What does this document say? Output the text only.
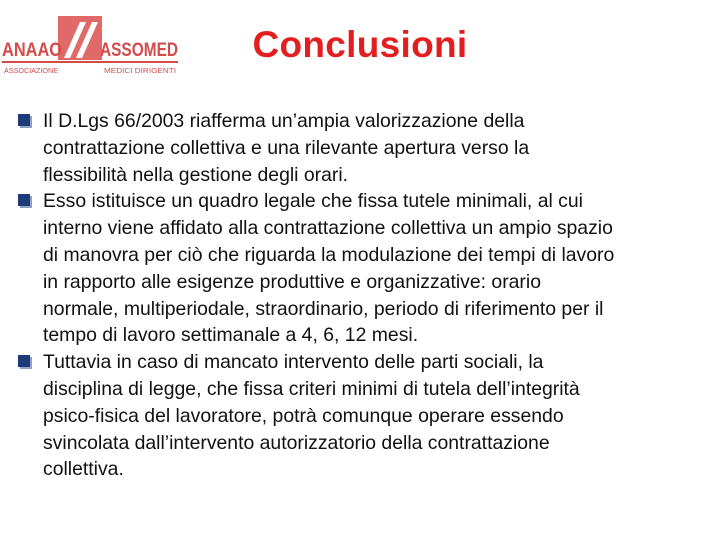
ANAAO ASSOMED
ASSOCIAZIONE	MEDICI DIRIGENTI
Conclusioni
Il D.Lgs 66/2003 riafferma un’ampia valorizzazione della
contrattazione collettiva e una rilevante apertura verso la
flessibilità nella gestione degli orari.
Esso istituisce un quadro legale che fissa tutele minimali, al cui
interno viene affidato alla contrattazione collettiva un ampio spazio
di manovra per ciò che riguarda la modulazione dei tempi di lavoro
in rapporto alle esigenze produttive e organizzative: orario
normale, multiperiodale, straordinario, periodo di riferimento per il
tempo di lavoro settimanale a 4, 6, 12 mesi.
Tuttavia in caso di mancato intervento delle parti sociali, la
disciplina di legge, che fissa criteri minimi di tutela dell’integrità
psico-fisica del lavoratore, potrà comunque operare essendo
svincolata dall’intervento autorizzatorio della contrattazione
collettiva.
